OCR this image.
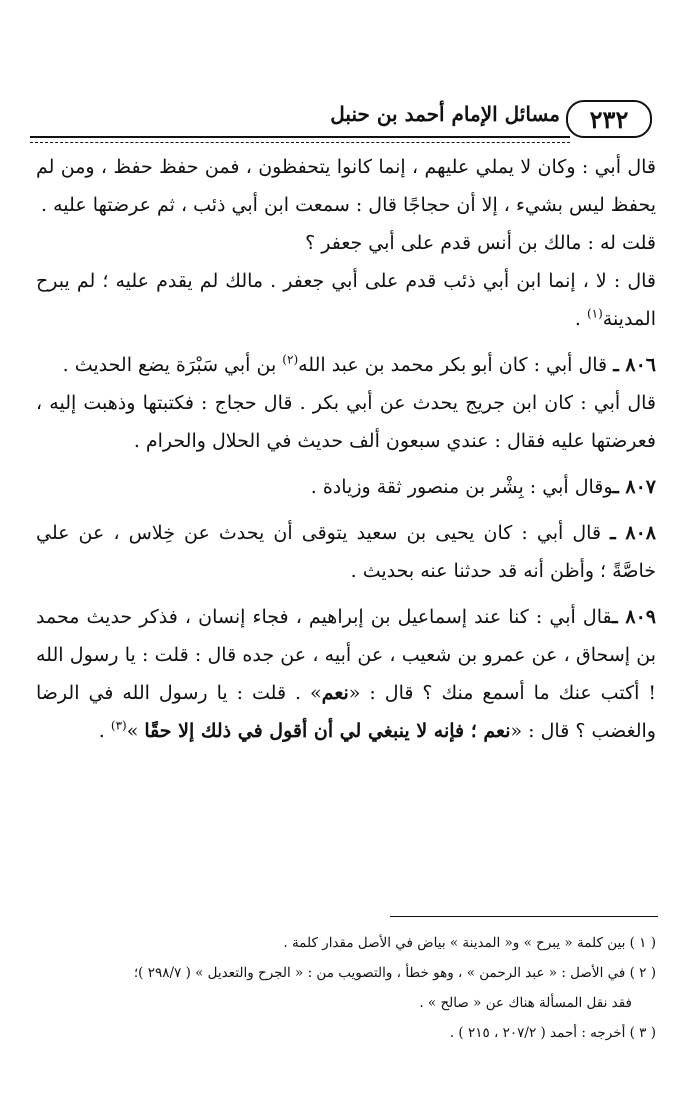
٢٣٢
مسائل الإمام أحمد بن حنبل

قال أبي : وكان لا يملي عليهم ، إنما كانوا يتحفظون ، فمن حفظ حفظ ، ومن لم يحفظ ليس بشيء ، إلا أن حجاجًا قال : سمعت ابن أبي ذئب ، ثم عرضتها عليه .

قلت له : مالك بن أنس قدم على أبي جعفر ؟

قال : لا ، إنما ابن أبي ذئب قدم على أبي جعفر . مالك لم يقدم عليه ؛ لم يبرح المدينة$^{(١)}$ .

٨٠٦ ـ قال أبي : كان أبو بكر محمد بن عبد الله$^{(٢)}$ بن أبي سَبْرَة يضع الحديث .

قال أبي : كان ابن جريج يحدث عن أبي بكر . قال حجاج : فكتبتها وذهبت إليه ، فعرضتها عليه فقال : عندي سبعون ألف حديث في الحلال والحرام .

٨٠٧ ـوقال أبي : بِشْر بن منصور ثقة وزيادة .

٨٠٨ ـ قال أبي : كان يحيى بن سعيد يتوقى أن يحدث عن خِلاس ، عن علي خاصَّةً ؛ وأظن أنه قد حدثنا عنه بحديث .

٨٠٩ ـقال أبي : كنا عند إسماعيل بن إبراهيم ، فجاء إنسان ، فذكر حديث محمد بن إسحاق ، عن عمرو بن شعيب ، عن أبيه ، عن جده قال : قلت : يا رسول الله ! أكتب عنك ما أسمع منك ؟ قال : «نعم» . قلت : يا رسول الله في الرضا والغضب ؟ قال : «نعم ؛ فإنه لا ينبغي لي أن أقول في ذلك إلا حقًا »$^{(٣)}$ .

( ١ ) بين كلمة « يبرح » و« المدينة » بياض في الأصل مقدار كلمة .

( ٢ ) في الأصل : « عبد الرحمن » ، وهو خطأ ، والتصويب من : « الجرح والتعديل » ( ٢٩٨/٧ )؛

فقد نقل المسألة هناك عن « صالح » .

( ٣ ) أخرجه : أحمد ( ٢٠٧/٢ ، ٢١٥ ) .
